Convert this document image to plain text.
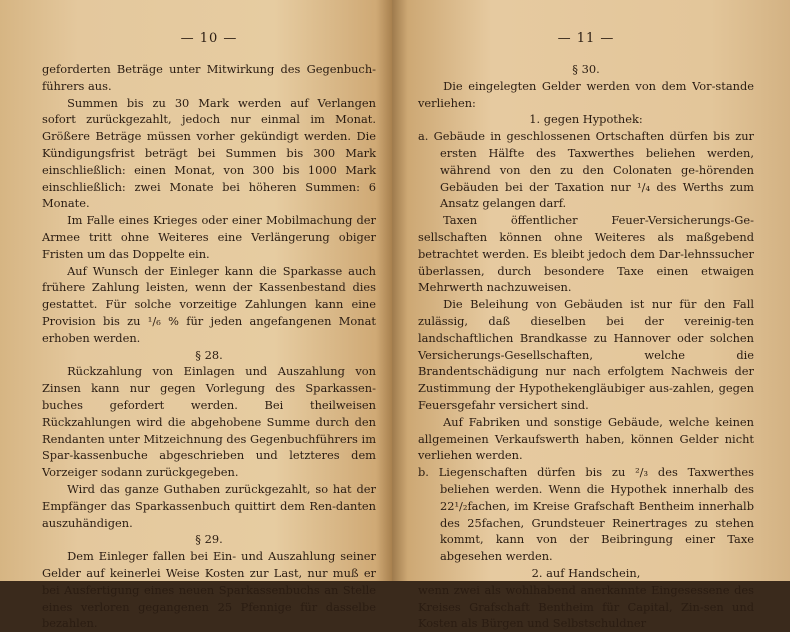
— 10 —

geforderten Beträge unter Mitwirkung des Gegenbuch-führers aus.

Summen bis zu 30 Mark werden auf Verlangen sofort zurückgezahlt, jedoch nur einmal im Monat. Größere Beträge müssen vorher gekündigt werden. Die Kündigungsfrist beträgt bei Summen bis 300 Mark einschließlich: einen Monat, von 300 bis 1000 Mark einschließlich: zwei Monate bei höheren Summen: 6 Monate.

Im Falle eines Krieges oder einer Mobilmachung der Armee tritt ohne Weiteres eine Verlängerung obiger Fristen um das Doppelte ein.

Auf Wunsch der Einleger kann die Sparkasse auch frühere Zahlung leisten, wenn der Kassenbestand dies gestattet. Für solche vorzeitige Zahlungen kann eine Provision bis zu ¹/₆ % für jeden angefangenen Monat erhoben werden.

§ 28.

Rückzahlung von Einlagen und Auszahlung von Zinsen kann nur gegen Vorlegung des Sparkassen-buches gefordert werden. Bei theilweisen Rückzahlungen wird die abgehobene Summe durch den Rendanten unter Mitzeichnung des Gegenbuchführers im Spar-kassenbuche abgeschrieben und letzteres dem Vorzeiger sodann zurückgegeben.

Wird das ganze Guthaben zurückgezahlt, so hat der Empfänger das Sparkassenbuch quittirt dem Ren-danten auszuhändigen.

§ 29.

Dem Einleger fallen bei Ein- und Auszahlung seiner Gelder auf keinerlei Weise Kosten zur Last, nur muß er bei Ausfertigung eines neuen Sparkassenbuchs an Stelle eines verloren gegangenen 25 Pfennige für dasselbe bezahlen.

— 11 —

§ 30.

Die eingelegten Gelder werden von dem Vor-stande verliehen:

1. gegen Hypothek:

a. Gebäude in geschlossenen Ortschaften dürfen bis zur ersten Hälfte des Taxwerthes beliehen werden, während von den zu den Colonaten ge-hörenden Gebäuden bei der Taxation nur ¹/₄ des Werths zum Ansatz gelangen darf.

Taxen öffentlicher Feuer-Versicherungs-Ge-sellschaften können ohne Weiteres als maßgebend betrachtet werden. Es bleibt jedoch dem Dar-lehnssucher überlassen, durch besondere Taxe einen etwaigen Mehrwerth nachzuweisen.

Die Beleihung von Gebäuden ist nur für den Fall zulässig, daß dieselben bei der vereinig-ten landschaftlichen Brandkasse zu Hannover oder solchen Versicherungs-Gesellschaften, welche die Brandentschädigung nur nach erfolgtem Nachweis der Zustimmung der Hypothekengläubiger aus-zahlen, gegen Feuersgefahr versichert sind.

Auf Fabriken und sonstige Gebäude, welche keinen allgemeinen Verkaufswerth haben, können Gelder nicht verliehen werden.

b. Liegenschaften dürfen bis zu ²/₃ des Taxwerthes beliehen werden. Wenn die Hypothek innerhalb des 22¹/₂fachen, im Kreise Grafschaft Bentheim innerhalb des 25fachen, Grundsteuer Reinertrages zu stehen kommt, kann von der Beibringung einer Taxe abgesehen werden.

2. auf Handschein,

wenn zwei als wohlhabend anerkannte Eingesessene des Kreises Grafschaft Bentheim für Capital, Zin-sen und Kosten als Bürgen und Selbstschuldner
